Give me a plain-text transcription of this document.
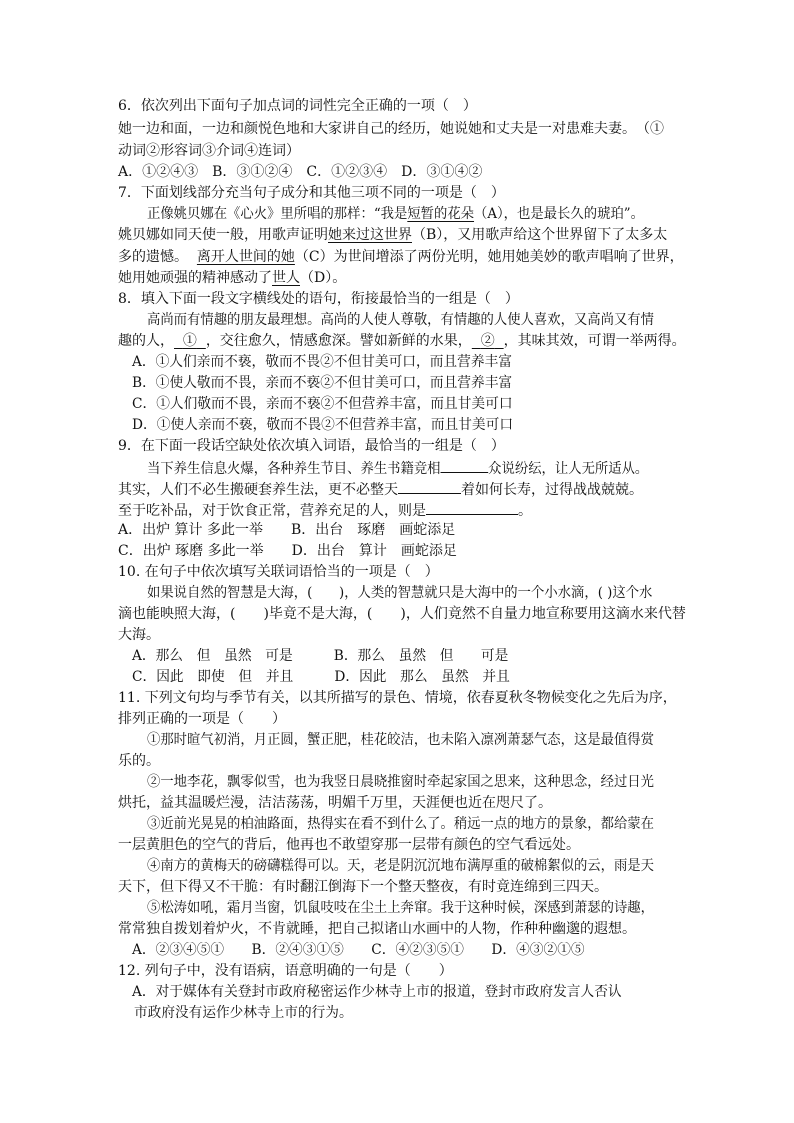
6．依次列出下面句子加点词的词性完全正确的一项（　）
她一边和面，一边和颜悦色地和大家讲自己的经历，她说她和丈夫是一对患难夫妻。　 （①
动词②形容词③介词④连词）
A．①②④③　B．③①②④　C．①②③④　D．③①④②
7．下面划线部分充当句子成分和其他三项不同的一项是（　）
正像姚贝娜在《心火》里所唱的那样：“我是短暂的花朵（A），也是最长久的琥珀”。
姚贝娜如同天使一般，用歌声证明她来过这世界（B），又用歌声给这个世界留下了太多太
多的遗憾。 离开人世间的她（C）为世间增添了两份光明，她用她美妙的歌声唱响了世界，
她用她顽强的精神感动了世人（D）。
8．填入下面一段文字横线处的语句，衔接最恰当的一组是（　）
高尚而有情趣的朋友最理想。高尚的人使人尊敬，有情趣的人使人喜欢，又高尚又有情
趣的人， ① ，交往愈久，情感愈深。譬如新鲜的水果， ② ，其味其效，可谓一举两得。
A．①人们亲而不亵，敬而不畏②不但甘美可口，而且营养丰富
B．①使人敬而不畏，亲而不亵②不但甘美可口，而且营养丰富
C．①人们敬而不畏，亲而不亵②不但营养丰富，而且甘美可口
D．①使人亲而不亵，敬而不畏②不但营养丰富，而且甘美可口
9．在下面一段话空缺处依次填入词语，最恰当的一组是（　）
当下养生信息火爆，各种养生节目、养生书籍竞相	众说纷纭，让人无所适从。
其实，人们不必生搬硬套养生法，更不必整天	着如何长寿，过得战战兢兢。
至于吃补品，对于饮食正常，营养充足的人，则是	。
A．出炉 算计 多此一举　　B．出台　琢磨　画蛇添足
C．出炉 琢磨 多此一举　　D．出台　算计　画蛇添足
10. 在句子中依次填写关联词语恰当的一项是（　）
如果说自然的智慧是大海，(　　)，人类的智慧就只是大海中的一个小水滴，( )这个水
滴也能映照大海，(　　)毕竟不是大海，(　　)，人们竟然不自量力地宣称要用这滴水来代替
大海。
A．那么　但　虽然　可是　　　B．那么　虽然　但　　可是
C．因此　即使　但　并且　　　D．因此　那么　虽然　并且
11. 下列文句均与季节有关，以其所描写的景色、情境，依春夏秋冬物候变化之先后为序，
排列正确的一项是（　　）
①那时暄气初消，月正圆，蟹正肥，桂花皎洁，也未陷入凛冽萧瑟气态，这是最值得赏
乐的。
②一地李花，飘零似雪，也为我竖日晨晓推窗时牵起家国之思来，这种思念，经过日光
烘托，益其温暖烂漫，洁洁荡荡，明媚千万里，天涯便也近在咫尺了。
③近前光晃晃的柏油路面，热得实在看不到什么了。稍远一点的地方的景象，都给蒙在
一层黄胆色的空气的背后，他再也不敢望穿那一层带有颜色的空气看远处。
④南方的黄梅天的磅礴糕得可以。天，老是阴沉沉地布满厚重的破棉絮似的云，雨是天
天下，但下得又不干脆：有时翻江倒海下一个整天整夜，有时竟连绵到三四天。
⑤松涛如吼，霜月当窗，饥鼠吱吱在尘土上奔窜。我于这种时候，深感到萧瑟的诗趣，
常常独自拨划着炉火，不肯就睡，把自己拟诸山水画中的人物，作种种幽邈的遐想。
A．②③④⑤①　　B．②④③①⑤　　C．④②③⑤①　　D．④③②①⑤
12. 列句子中，没有语病，语意明确的一句是（　　）
A．对于媒体有关登封市政府秘密运作少林寺上市的报道，登封市政府发言人否认
市政府没有运作少林寺上市的行为。
